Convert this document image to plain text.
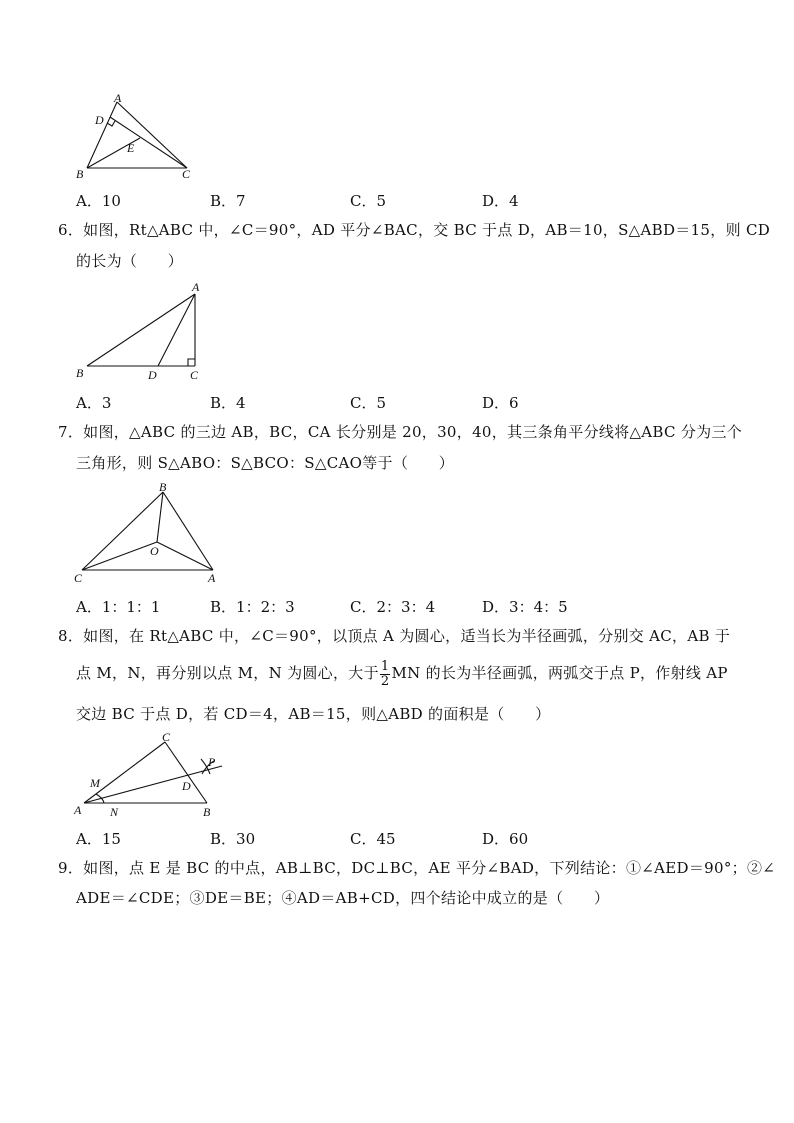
A
D
E
B	C
A．10	B．7	C．5	D．4
6．如图，Rt△ABC 中，∠C＝90°，AD 平分∠BAC，交 BC 于点 D，AB＝10，S△ABD＝15，则 CD
的长为（　　）
A
B	D	C
A．3	B．4	C．5	D．6
7．如图，△ABC 的三边 AB，BC，CA 长分别是 20，30，40，其三条角平分线将△ABC 分为三个
三角形，则 S△ABO：S△BCO：S△CAO等于（　　）
B
O
C	A
A．1：1：1	B．1：2：3	C．2：3：4	D．3：4：5
8．如图，在 Rt△ABC 中，∠C＝90°，以顶点 A 为圆心，适当长为半径画弧，分别交 AC，AB 于
点 M，N，再分别以点 M，N 为圆心，大于 $\frac{1}{2}$ MN 的长为半径画弧，两弧交于点 P，作射线 AP
交边 BC 于点 D，若 CD＝4，AB＝15，则△ABD 的面积是（　　）
C
P
M	D
A N	B
A．15	B．30	C．45	D．60
9．如图，点 E 是 BC 的中点，AB⊥BC，DC⊥BC，AE 平分∠BAD，下列结论：①∠AED＝90°；②∠
ADE＝∠CDE；③DE＝BE；④AD＝AB+CD，四个结论中成立的是（　　）
